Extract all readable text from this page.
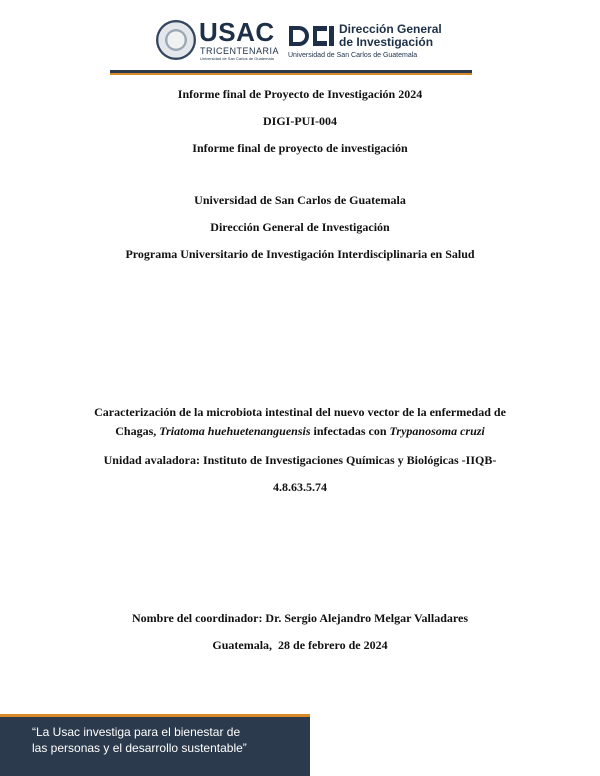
USAC
TRICENTENARIA
Universidad de San Carlos de Guatemala
Dirección General
de Investigación
Universidad de San Carlos de Guatemala
Informe final de Proyecto de Investigación 2024
DIGI-PUI-004
Informe final de proyecto de investigación
Universidad de San Carlos de Guatemala
Dirección General de Investigación
Programa Universitario de Investigación Interdisciplinaria en Salud
Caracterización de la microbiota intestinal del nuevo vector de la enfermedad de Chagas, Triatoma huehuetenanguensis infectadas con Trypanosoma cruzi
Unidad avaladora: Instituto de Investigaciones Químicas y Biológicas -IIQB-
4.8.63.5.74
Nombre del coordinador: Dr. Sergio Alejandro Melgar Valladares
Guatemala,  28 de febrero de 2024
“La Usac investiga para el bienestar de
las personas y el desarrollo sustentable”
